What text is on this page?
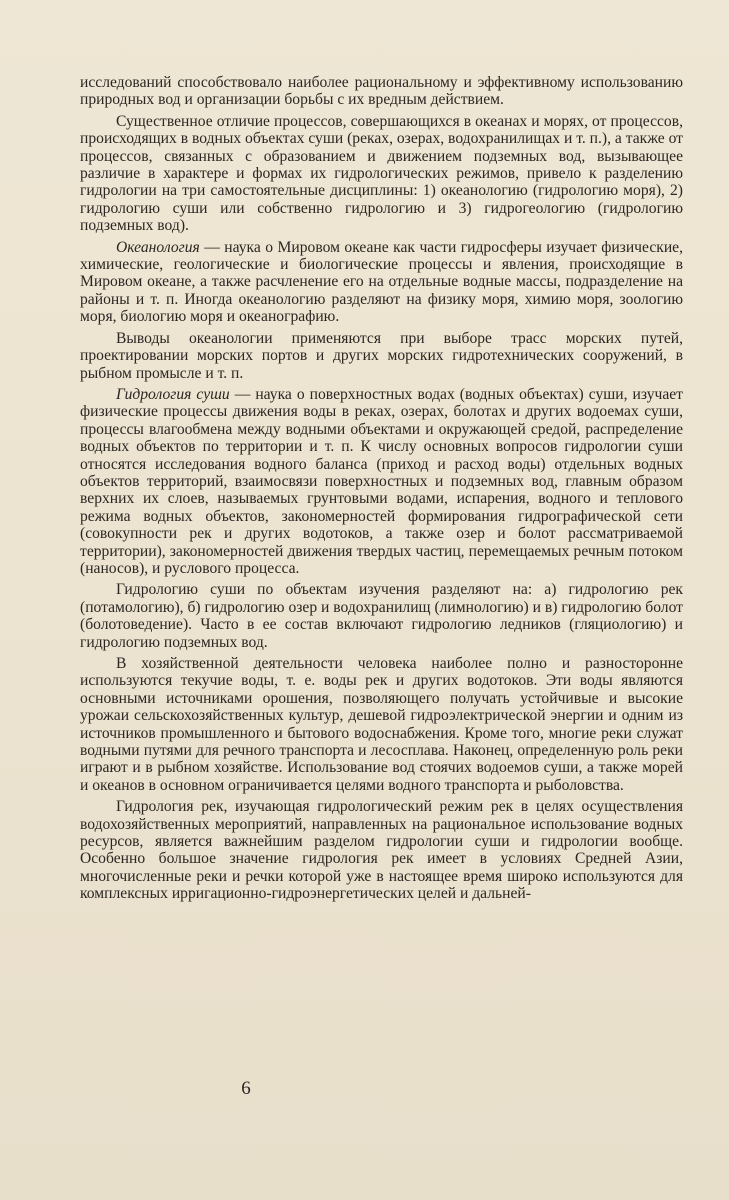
исследований способствовало наиболее рациональному и эффективному использованию природных вод и организации борьбы с их вредным действием.

Существенное отличие процессов, совершающихся в океанах и морях, от процессов, происходящих в водных объектах суши (реках, озерах, водохранилищах и т. п.), а также от процессов, связанных с образованием и движением подземных вод, вызывающее различие в характере и формах их гидрологических режимов, привело к разделению гидрологии на три самостоятельные дисциплины: 1) океанологию (гидрологию моря), 2) гидрологию суши или собственно гидрологию и 3) гидрогеологию (гидрологию подземных вод).

Океанология — наука о Мировом океане как части гидросферы изучает физические, химические, геологические и биологические процессы и явления, происходящие в Мировом океане, а также расчленение его на отдельные водные массы, подразделение на районы и т. п. Иногда океанологию разделяют на физику моря, химию моря, зоологию моря, биологию моря и океанографию.

Выводы океанологии применяются при выборе трасс морских путей, проектировании морских портов и других морских гидротехнических сооружений, в рыбном промысле и т. п.

Гидрология суши — наука о поверхностных водах (водных объектах) суши, изучает физические процессы движения воды в реках, озерах, болотах и других водоемах суши, процессы влагообмена между водными объектами и окружающей средой, распределение водных объектов по территории и т. п. К числу основных вопросов гидрологии суши относятся исследования водного баланса (приход и расход воды) отдельных водных объектов территорий, взаимосвязи поверхностных и подземных вод, главным образом верхних их слоев, называемых грунтовыми водами, испарения, водного и теплового режима водных объектов, закономерностей формирования гидрографической сети (совокупности рек и других водотоков, а также озер и болот рассматриваемой территории), закономерностей движения твердых частиц, перемещаемых речным потоком (наносов), и руслового процесса.

Гидрологию суши по объектам изучения разделяют на: а) гидрологию рек (потамологию), б) гидрологию озер и водохранилищ (лимнологию) и в) гидрологию болот (болотоведение). Часто в ее состав включают гидрологию ледников (гляциологию) и гидрологию подземных вод.

В хозяйственной деятельности человека наиболее полно и разносторонне используются текучие воды, т. е. воды рек и других водотоков. Эти воды являются основными источниками орошения, позволяющего получать устойчивые и высокие урожаи сельскохозяйственных культур, дешевой гидроэлектрической энергии и одним из источников промышленного и бытового водоснабжения. Кроме того, многие реки служат водными путями для речного транспорта и лесосплава. Наконец, определенную роль реки играют и в рыбном хозяйстве. Использование вод стоячих водоемов суши, а также морей и океанов в основном ограничивается целями водного транспорта и рыболовства.

Гидрология рек, изучающая гидрологический режим рек в целях осуществления водохозяйственных мероприятий, направленных на рациональное использование водных ресурсов, является важнейшим разделом гидрологии суши и гидрологии вообще. Особенно большое значение гидрология рек имеет в условиях Средней Азии, многочисленные реки и речки которой уже в настоящее время широко используются для комплексных ирригационно-гидроэнергетических целей и дальней-

6
